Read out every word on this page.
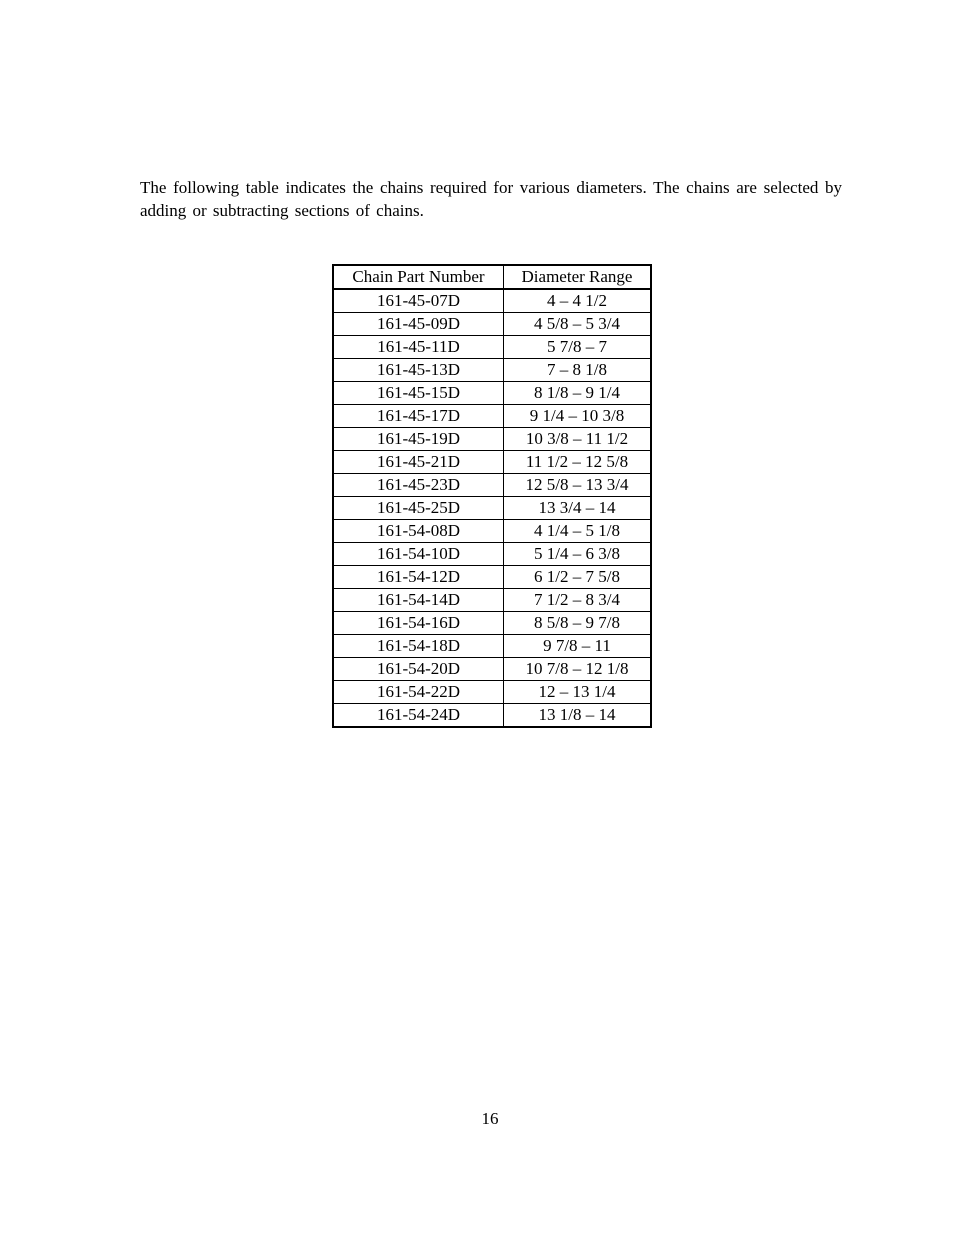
The following table indicates the chains required for various diameters. The chains are selected by adding or subtracting sections of chains.

Chain Part Number	Diameter Range
161-45-07D	4 – 4 1/2
161-45-09D	4 5/8 – 5 3/4
161-45-11D	5 7/8 – 7
161-45-13D	7 – 8 1/8
161-45-15D	8 1/8 – 9 1/4
161-45-17D	9 1/4 – 10 3/8
161-45-19D	10 3/8 – 11 1/2
161-45-21D	11 1/2 – 12 5/8
161-45-23D	12 5/8 – 13 3/4
161-45-25D	13 3/4 – 14
161-54-08D	4 1/4 – 5 1/8
161-54-10D	5 1/4 – 6 3/8
161-54-12D	6 1/2 – 7 5/8
161-54-14D	7 1/2 – 8 3/4
161-54-16D	8 5/8 – 9 7/8
161-54-18D	9 7/8 – 11
161-54-20D	10 7/8 – 12 1/8
161-54-22D	12 – 13 1/4
161-54-24D	13 1/8 – 14
16
